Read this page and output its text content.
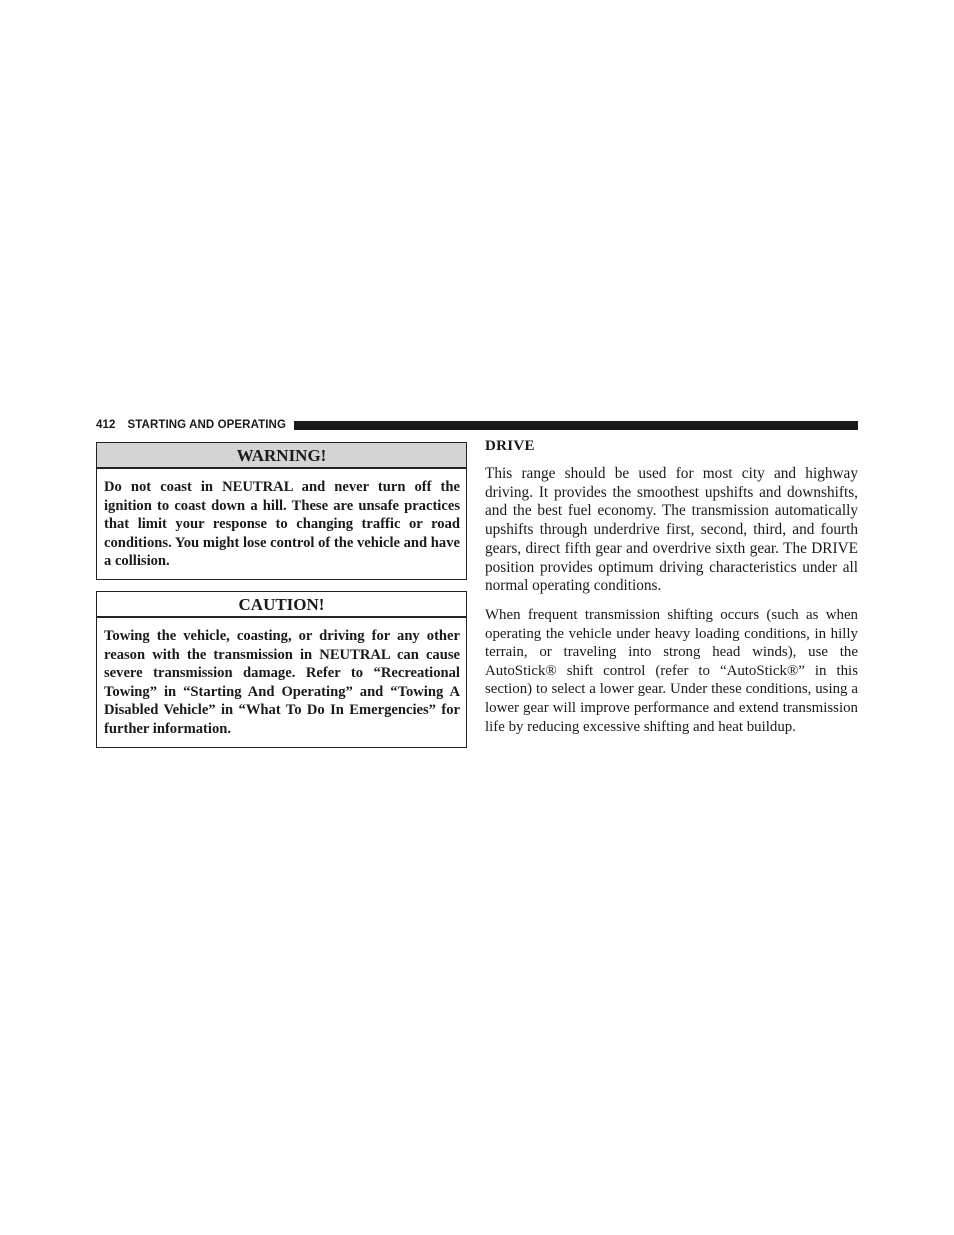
412 STARTING AND OPERATING
WARNING!
Do not coast in NEUTRAL and never turn off the ignition to coast down a hill. These are unsafe practices that limit your response to changing traffic or road conditions. You might lose control of the vehicle and have a collision.
CAUTION!
Towing the vehicle, coasting, or driving for any other reason with the transmission in NEUTRAL can cause severe transmission damage. Refer to “Recreational Towing” in “Starting And Operating” and “Towing A Disabled Vehicle” in “What To Do In Emergencies” for further information.
DRIVE

This range should be used for most city and highway driving. It provides the smoothest upshifts and downshifts, and the best fuel economy. The transmission automatically upshifts through underdrive first, second, third, and fourth gears, direct fifth gear and overdrive sixth gear. The DRIVE position provides optimum driving characteristics under all normal operating conditions.

When frequent transmission shifting occurs (such as when operating the vehicle under heavy loading conditions, in hilly terrain, or traveling into strong head winds), use the AutoStick® shift control (refer to “AutoStick®” in this section) to select a lower gear. Under these conditions, using a lower gear will improve performance and extend transmission life by reducing excessive shifting and heat buildup.
